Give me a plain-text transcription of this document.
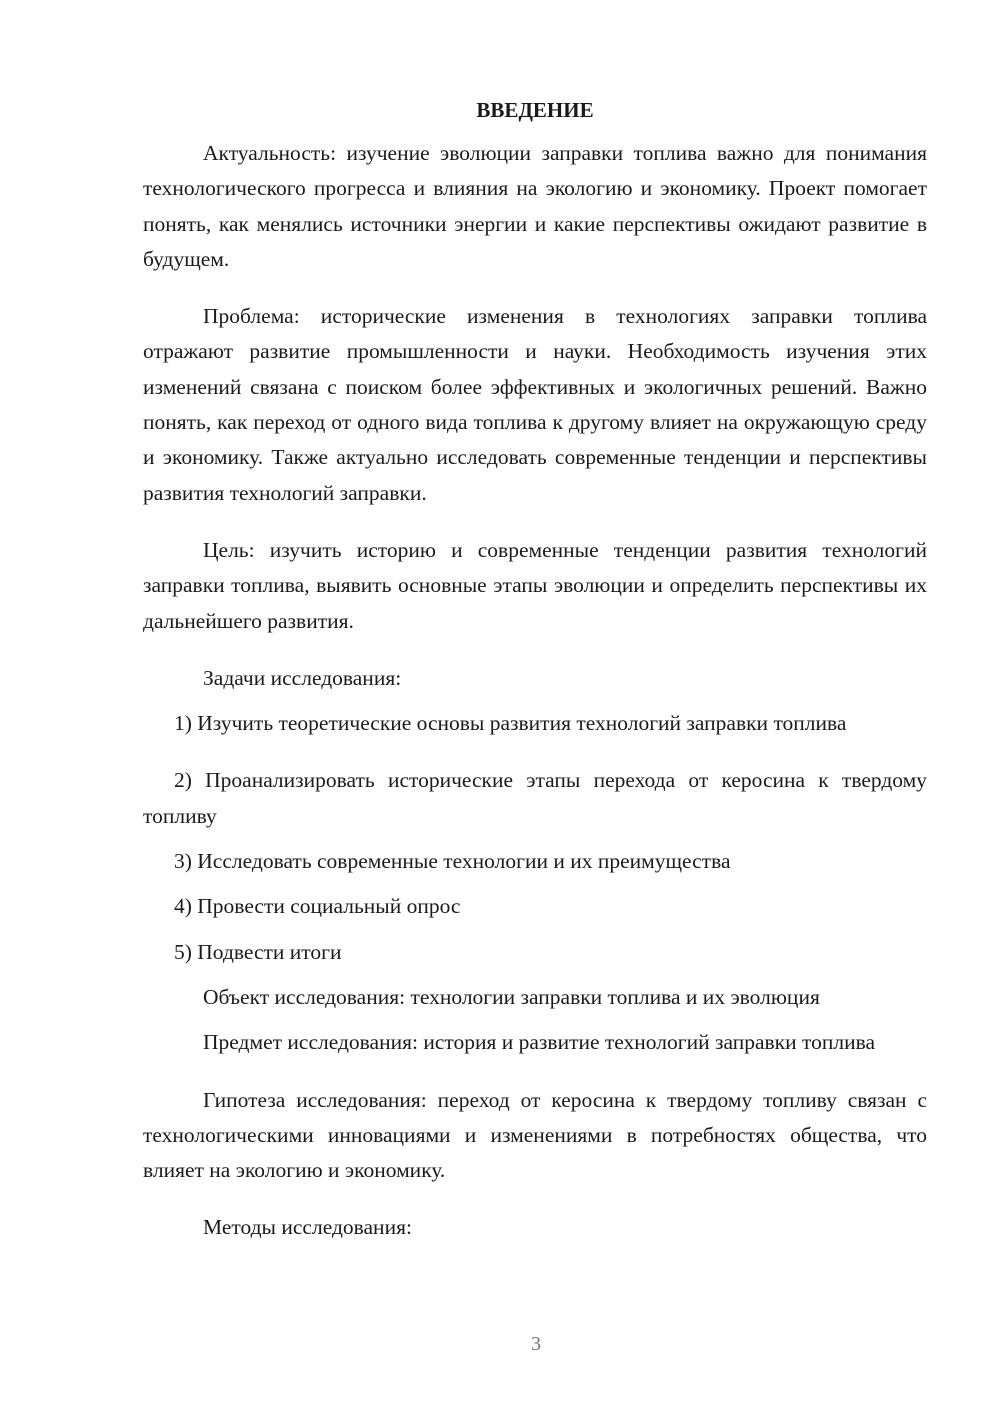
ВВЕДЕНИЕ

Актуальность: изучение эволюции заправки топлива важно для понимания технологического прогресса и влияния на экологию и экономику. Проект помогает понять, как менялись источники энергии и какие перспективы ожидают развитие в будущем.

Проблема: исторические изменения в технологиях заправки топлива отражают развитие промышленности и науки. Необходимость изучения этих изменений связана с поиском более эффективных и экологичных решений. Важно понять, как переход от одного вида топлива к другому влияет на окружающую среду и экономику. Также актуально исследовать современные тенденции и перспективы развития технологий заправки.

Цель: изучить историю и современные тенденции развития технологий заправки топлива, выявить основные этапы эволюции и определить перспективы их дальнейшего развития.

Задачи исследования:

1) Изучить теоретические основы развития технологий заправки топлива

2) Проанализировать исторические этапы перехода от керосина к твердому топливу

3) Исследовать современные технологии и их преимущества

4) Провести социальный опрос

5) Подвести итоги

Объект исследования: технологии заправки топлива и их эволюция

Предмет исследования: история и развитие технологий заправки топлива

Гипотеза исследования: переход от керосина к твердому топливу связан с технологическими инновациями и изменениями в потребностях общества, что влияет на экологию и экономику.

Методы исследования:

3
